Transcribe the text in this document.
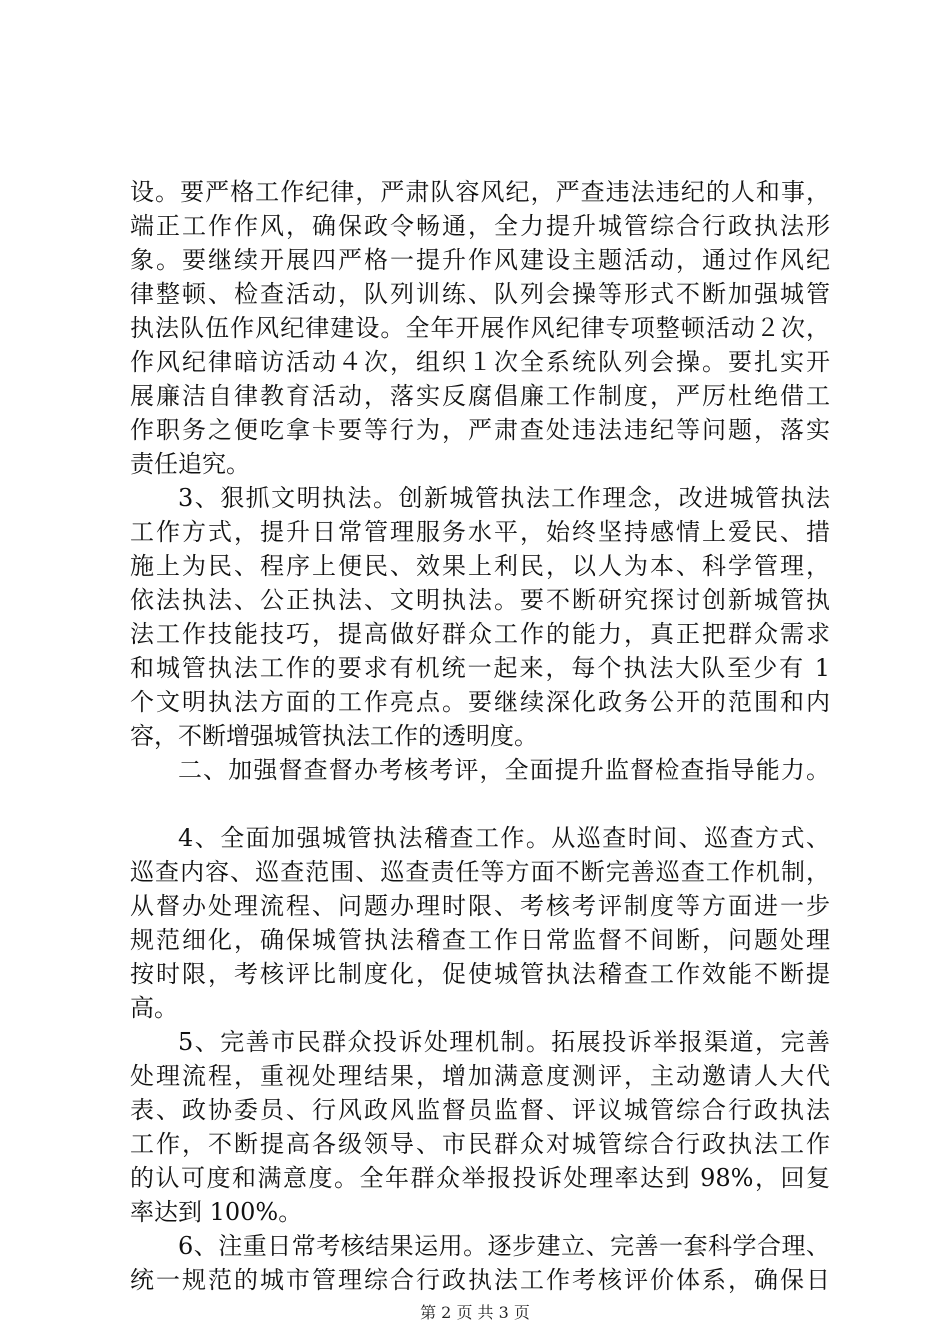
设。要严格工作纪律，严肃队容风纪，严查违法违纪的人和事，
端正工作作风，确保政令畅通，全力提升城管综合行政执法形
象。要继续开展四严格一提升作风建设主题活动，通过作风纪
律整顿、检查活动，队列训练、队列会操等形式不断加强城管
执法队伍作风纪律建设。全年开展作风纪律专项整顿活动２次，
作风纪律暗访活动４次，组织１次全系统队列会操。要扎实开
展廉洁自律教育活动，落实反腐倡廉工作制度，严厉杜绝借工
作职务之便吃拿卡要等行为，严肃查处违法违纪等问题，落实
责任追究。
3、狠抓文明执法。创新城管执法工作理念，改进城管执法
工作方式，提升日常管理服务水平，始终坚持感情上爱民、措
施上为民、程序上便民、效果上利民，以人为本、科学管理，
依法执法、公正执法、文明执法。要不断研究探讨创新城管执
法工作技能技巧，提高做好群众工作的能力，真正把群众需求
和城管执法工作的要求有机统一起来，每个执法大队至少有 1
个文明执法方面的工作亮点。要继续深化政务公开的范围和内
容，不断增强城管执法工作的透明度。
二、加强督查督办考核考评，全面提升监督检查指导能力。
4、全面加强城管执法稽查工作。从巡查时间、巡查方式、
巡查内容、巡查范围、巡查责任等方面不断完善巡查工作机制，
从督办处理流程、问题办理时限、考核考评制度等方面进一步
规范细化，确保城管执法稽查工作日常监督不间断，问题处理
按时限，考核评比制度化，促使城管执法稽查工作效能不断提
高。
5、完善市民群众投诉处理机制。拓展投诉举报渠道，完善
处理流程，重视处理结果，增加满意度测评，主动邀请人大代
表、政协委员、行风政风监督员监督、评议城管综合行政执法
工作，不断提高各级领导、市民群众对城管综合行政执法工作
的认可度和满意度。全年群众举报投诉处理率达到 98%，回复
率达到 100%。
6、注重日常考核结果运用。逐步建立、完善一套科学合理、
统一规范的城市管理综合行政执法工作考核评价体系，确保日
第 2 页 共 3 页
